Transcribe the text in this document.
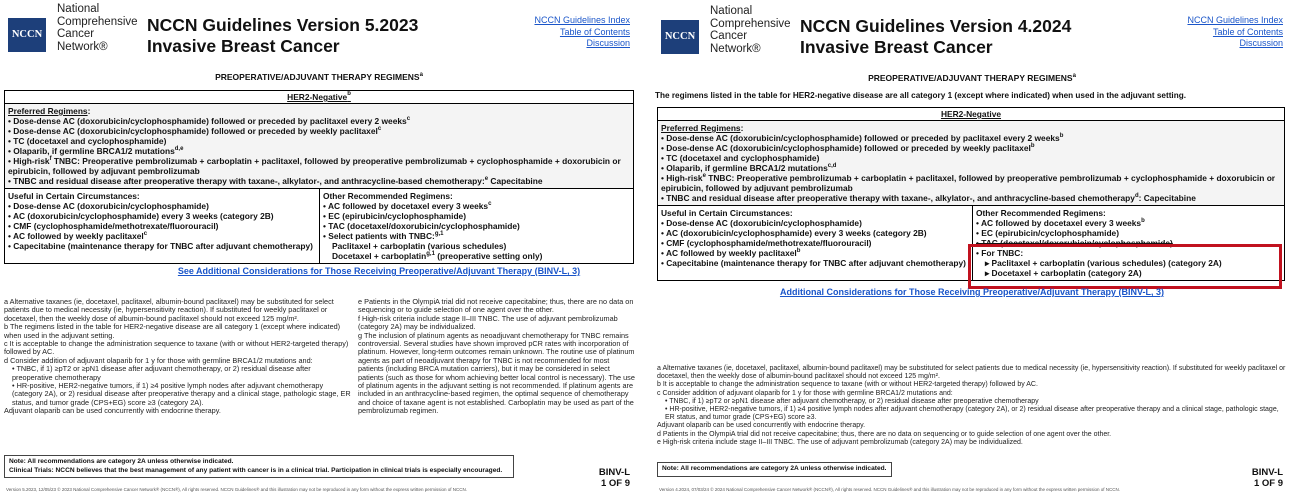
NCCN
National
Comprehensive
Cancer
Network®
NCCN Guidelines Version 5.2023
Invasive Breast Cancer
NCCN Guidelines Index
Table of Contents
Discussion
PREOPERATIVE/ADJUVANT THERAPY REGIMENS$^a$
HER2-Negative$^b$
Preferred Regimens:
• Dose-dense AC (doxorubicin/cyclophosphamide) followed or preceded by paclitaxel every 2 weeks$^c$
• Dose-dense AC (doxorubicin/cyclophosphamide) followed or preceded by weekly paclitaxel$^c$
• TC (docetaxel and cyclophosphamide)
• Olaparib, if germline BRCA1/2 mutations$^{d,e}$
• High-risk$^f$ TNBC: Preoperative pembrolizumab + carboplatin + paclitaxel, followed by preoperative pembrolizumab + cyclophosphamide + doxorubicin or epirubicin, followed by adjuvant pembrolizumab
• TNBC and residual disease after preoperative therapy with taxane-, alkylator-, and anthracycline-based chemotherapy:$^e$ Capecitabine
Useful in Certain Circumstances:
• Dose-dense AC (doxorubicin/cyclophosphamide)
• AC (doxorubicin/cyclophosphamide) every 3 weeks (category 2B)
• CMF (cyclophosphamide/methotrexate/fluorouracil)
• AC followed by weekly paclitaxel$^c$
• Capecitabine (maintenance therapy for TNBC after adjuvant chemotherapy)
Other Recommended Regimens:
• AC followed by docetaxel every 3 weeks$^c$
• EC (epirubicin/cyclophosphamide)
• TAC (docetaxel/doxorubicin/cyclophosphamide)
• Select patients with TNBC:$^{g,1}$
Paclitaxel + carboplatin (various schedules)
Docetaxel + carboplatin$^{g,1}$ (preoperative setting only)
See Additional Considerations for Those Receiving Preoperative/Adjuvant Therapy (BINV-L, 3)

a Alternative taxanes (ie, docetaxel, paclitaxel, albumin-bound paclitaxel) may be substituted for select patients due to medical necessity (ie, hypersensitivity reaction). If substituted for weekly paclitaxel or docetaxel, then the weekly dose of albumin-bound paclitaxel should not exceed 125 mg/m².

b The regimens listed in the table for HER2-negative disease are all category 1 (except where indicated) when used in the adjuvant setting.

c It is acceptable to change the administration sequence to taxane (with or without HER2-targeted therapy) followed by AC.

d Consider addition of adjuvant olaparib for 1 y for those with germline BRCA1/2 mutations and:

• TNBC, if 1) ≥pT2 or ≥pN1 disease after adjuvant chemotherapy, or 2) residual disease after preoperative chemotherapy

• HR-positive, HER2-negative tumors, if 1) ≥4 positive lymph nodes after adjuvant chemotherapy (category 2A), or 2) residual disease after preoperative therapy and a clinical stage, pathologic stage, ER status, and tumor grade (CPS+EG) score ≥3 (category 2A).

Adjuvant olaparib can be used concurrently with endocrine therapy.

e Patients in the OlympiA trial did not receive capecitabine; thus, there are no data on sequencing or to guide selection of one agent over the other.

f High-risk criteria include stage II–III TNBC. The use of adjuvant pembrolizumab (category 2A) may be individualized.

g The inclusion of platinum agents as neoadjuvant chemotherapy for TNBC remains controversial. Several studies have shown improved pCR rates with incorporation of platinum. However, long-term outcomes remain unknown. The routine use of platinum agents as part of neoadjuvant therapy for TNBC is not recommended for most patients (including BRCA mutation carriers), but it may be considered in select patients (such as those for whom achieving better local control is necessary). The use of platinum agents in the adjuvant setting is not recommended. If platinum agents are included in an anthracycline-based regimen, the optimal sequence of chemotherapy and choice of taxane agent is not established. Carboplatin may be used as part of the pembrolizumab regimen.

Note: All recommendations are category 2A unless otherwise indicated.
Clinical Trials: NCCN believes that the best management of any patient with cancer is in a clinical trial. Participation in clinical trials is especially encouraged.	BINV-L
1 OF 9
Version 5.2023, 12/05/23 © 2023 National Comprehensive Cancer Network® (NCCN®), All rights reserved. NCCN Guidelines® and this illustration may not be reproduced in any form without the express written permission of NCCN.
NCCN
National
Comprehensive
Cancer
Network®
NCCN Guidelines Version 4.2024
Invasive Breast Cancer
NCCN Guidelines Index
Table of Contents
Discussion
PREOPERATIVE/ADJUVANT THERAPY REGIMENS$^a$
The regimens listed in the table for HER2-negative disease are all category 1 (except where indicated) when used in the adjuvant setting.
HER2-Negative
Preferred Regimens:
• Dose-dense AC (doxorubicin/cyclophosphamide) followed or preceded by paclitaxel every 2 weeks$^b$
• Dose-dense AC (doxorubicin/cyclophosphamide) followed or preceded by weekly paclitaxel$^b$
• TC (docetaxel and cyclophosphamide)
• Olaparib, if germline BRCA1/2 mutations$^{c,d}$
• High-risk$^e$ TNBC: Preoperative pembrolizumab + carboplatin + paclitaxel, followed by preoperative pembrolizumab + cyclophosphamide + doxorubicin or epirubicin, followed by adjuvant pembrolizumab
• TNBC and residual disease after preoperative therapy with taxane-, alkylator-, and anthracycline-based chemotherapy$^d$: Capecitabine
Useful in Certain Circumstances:
• Dose-dense AC (doxorubicin/cyclophosphamide)
• AC (doxorubicin/cyclophosphamide) every 3 weeks (category 2B)
• CMF (cyclophosphamide/methotrexate/fluorouracil)
• AC followed by weekly paclitaxel$^b$
• Capecitabine (maintenance therapy for TNBC after adjuvant chemotherapy)
Other Recommended Regimens:
• AC followed by docetaxel every 3 weeks$^b$
• EC (epirubicin/cyclophosphamide)
• TAC (docetaxel/doxorubicin/cyclophosphamide)
• For TNBC:
▸ Paclitaxel + carboplatin (various schedules) (category 2A)
▸ Docetaxel + carboplatin (category 2A)
Additional Considerations for Those Receiving Preoperative/Adjuvant Therapy (BINV-L, 3)

a Alternative taxanes (ie, docetaxel, paclitaxel, albumin-bound paclitaxel) may be substituted for select patients due to medical necessity (ie, hypersensitivity reaction). If substituted for weekly paclitaxel or docetaxel, then the weekly dose of albumin-bound paclitaxel should not exceed 125 mg/m².

b It is acceptable to change the administration sequence to taxane (with or without HER2-targeted therapy) followed by AC.

c Consider addition of adjuvant olaparib for 1 y for those with germline BRCA1/2 mutations and:

• TNBC, if 1) ≥pT2 or ≥pN1 disease after adjuvant chemotherapy, or 2) residual disease after preoperative chemotherapy

• HR-positive, HER2-negative tumors, if 1) ≥4 positive lymph nodes after adjuvant chemotherapy (category 2A), or 2) residual disease after preoperative therapy and a clinical stage, pathologic stage, ER status, and tumor grade (CPS+EG) score ≥3.

Adjuvant olaparib can be used concurrently with endocrine therapy.

d Patients in the OlympiA trial did not receive capecitabine; thus, there are no data on sequencing or to guide selection of one agent over the other.

e High-risk criteria include stage II–III TNBC. The use of adjuvant pembrolizumab (category 2A) may be individualized.

Note: All recommendations are category 2A unless otherwise indicated.	BINV-L
1 OF 9
Version 4.2024, 07/03/24 © 2024 National Comprehensive Cancer Network® (NCCN®), All rights reserved. NCCN Guidelines® and this illustration may not be reproduced in any form without the express written permission of NCCN.
